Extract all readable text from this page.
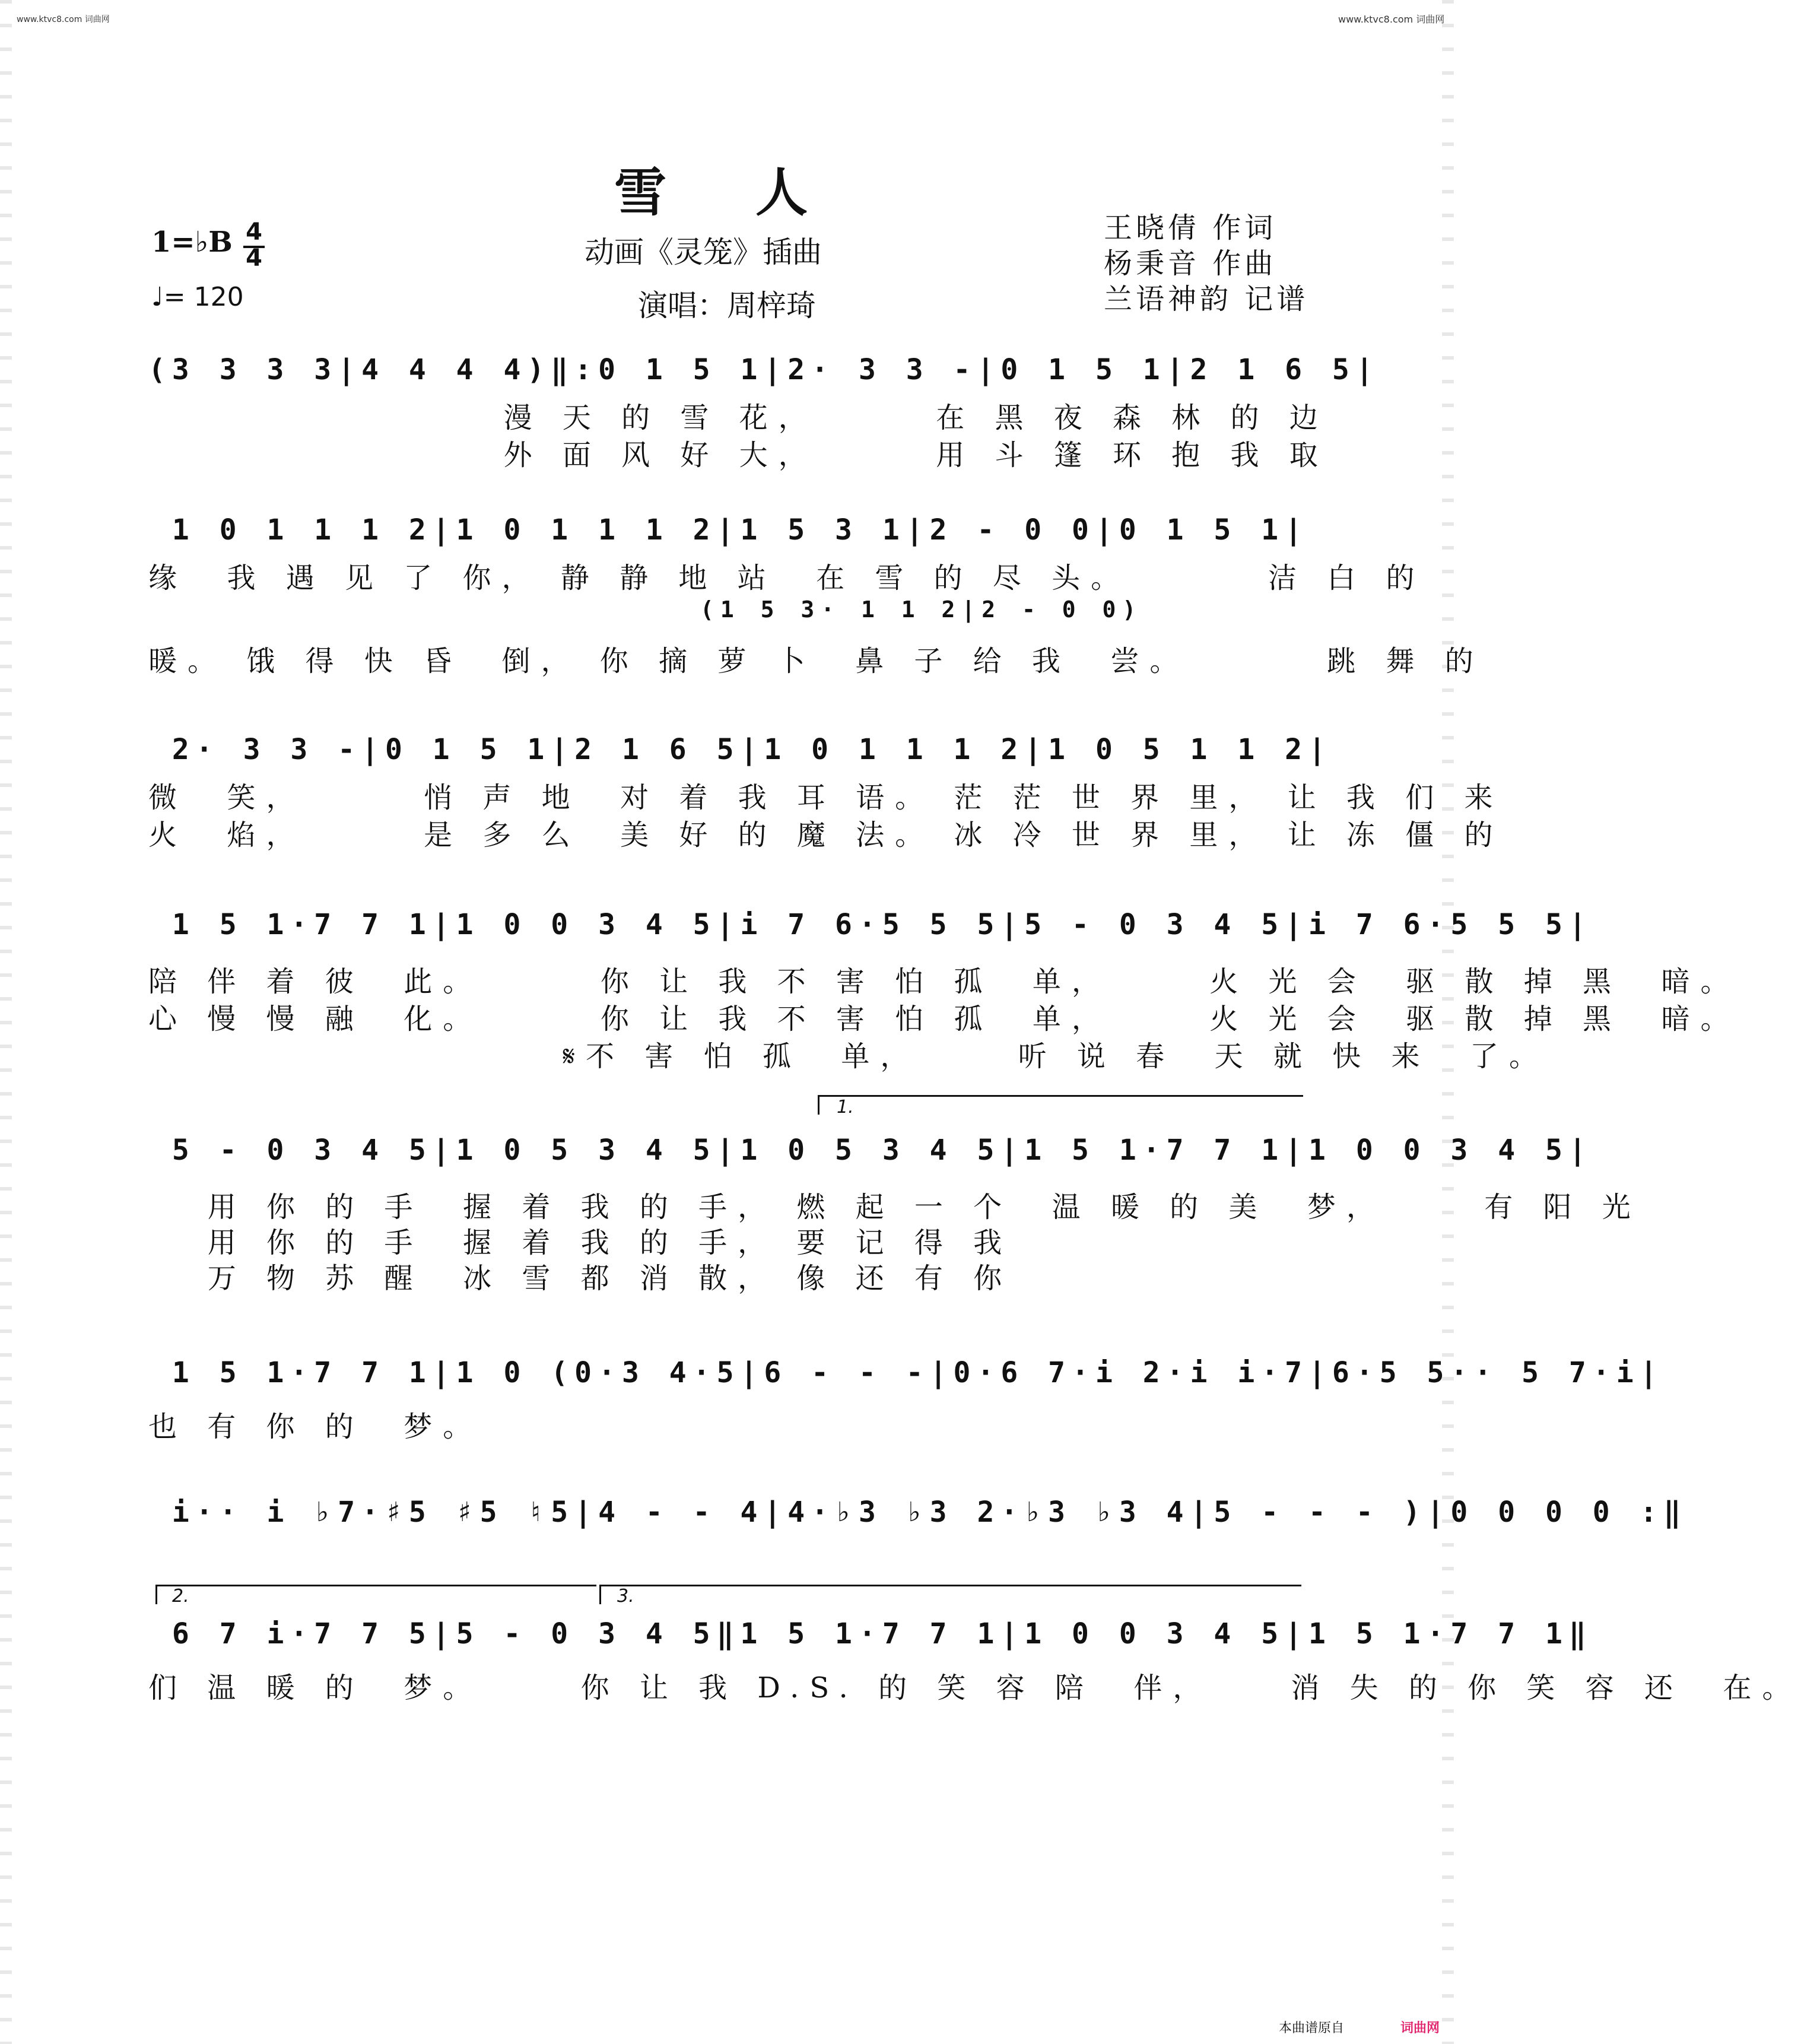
www.ktvc8.com 词曲网	www.ktvc8.com 词曲网
雪人
动画《灵笼》插曲
演唱：周梓琦
1=♭B 4
4
♩= 120
王晓倩 作词
杨秉音 作曲
兰语神韵 记谱
(3 3 3 3|4 4 4 4)‖:0 1 5 1|2· 3 3 -|0 1 5 1|2 1 6 5|
漫 天 的 雪 花，      在 黑 夜 森 林 的 边
外 面 风 好 大，      用 斗 篷 环 抱 我 取
1 0 1 1 1 2|1 0 1 1 1 2|1 5 3 1|2 - 0 0|0 1 5 1|
缘  我 遇 见 了 你， 静 静 地 站  在 雪 的 尽 头。       洁 白 的
(1 5 3· 1 1 2|2 - 0 0)
暖。 饿 得 快 昏  倒， 你 摘 萝 卜  鼻 子 给 我  尝。       跳 舞 的
2· 3 3 -|0 1 5 1|2 1 6 5|1 0 1 1 1 2|1 0 5 1 1 2|
微  笑，      悄 声 地  对 着 我 耳 语。 茫 茫 世 界 里， 让 我 们 来
火  焰，      是 多 么  美 好 的 魔 法。 冰 冷 世 界 里， 让 冻 僵 的
1 5 1·7 7 1|1 0 0 3 4 5|i 7 6·5 5 5|5 - 0 3 4 5|i 7 6·5 5 5|
陪 伴 着 彼  此。      你 让 我 不 害 怕 孤  单，     火 光 会  驱 散 掉 黑  暗。
心 慢 慢 融  化。      你 让 我 不 害 怕 孤  单，     火 光 会  驱 散 掉 黑  暗。
𝄋不 害 怕 孤  单，     听 说 春  天 就 快 来  了。
1.
5 - 0 3 4 5|1 0 5 3 4 5|1 0 5 3 4 5|1 5 1·7 7 1|1 0 0 3 4 5|
用 你 的 手  握 着 我 的 手， 燃 起 一 个  温 暖 的 美  梦，     有 阳 光
用 你 的 手  握 着 我 的 手， 要 记 得 我
万 物 苏 醒  冰 雪 都 消 散， 像 还 有 你
1 5 1·7 7 1|1 0 (0·3 4·5|6 - - -|0·6 7·i 2·i i·7|6·5 5·· 5 7·i|
也 有 你 的  梦。
i·· i ♭7·♯5 ♯5 ♮5|4 - - 4|4·♭3 ♭3 2·♭3 ♭3 4|5 - - - )|0 0 0 0 :‖
2.	3.
6 7 i·7 7 5|5 - 0 3 4 5‖1 5 1·7 7 1|1 0 0 3 4 5|1 5 1·7 7 1‖
们 温 暖 的  梦。     你 让 我 D.S. 的 笑 容 陪  伴，    消 失 的 你 笑 容 还  在。
本曲谱原自	词曲网
